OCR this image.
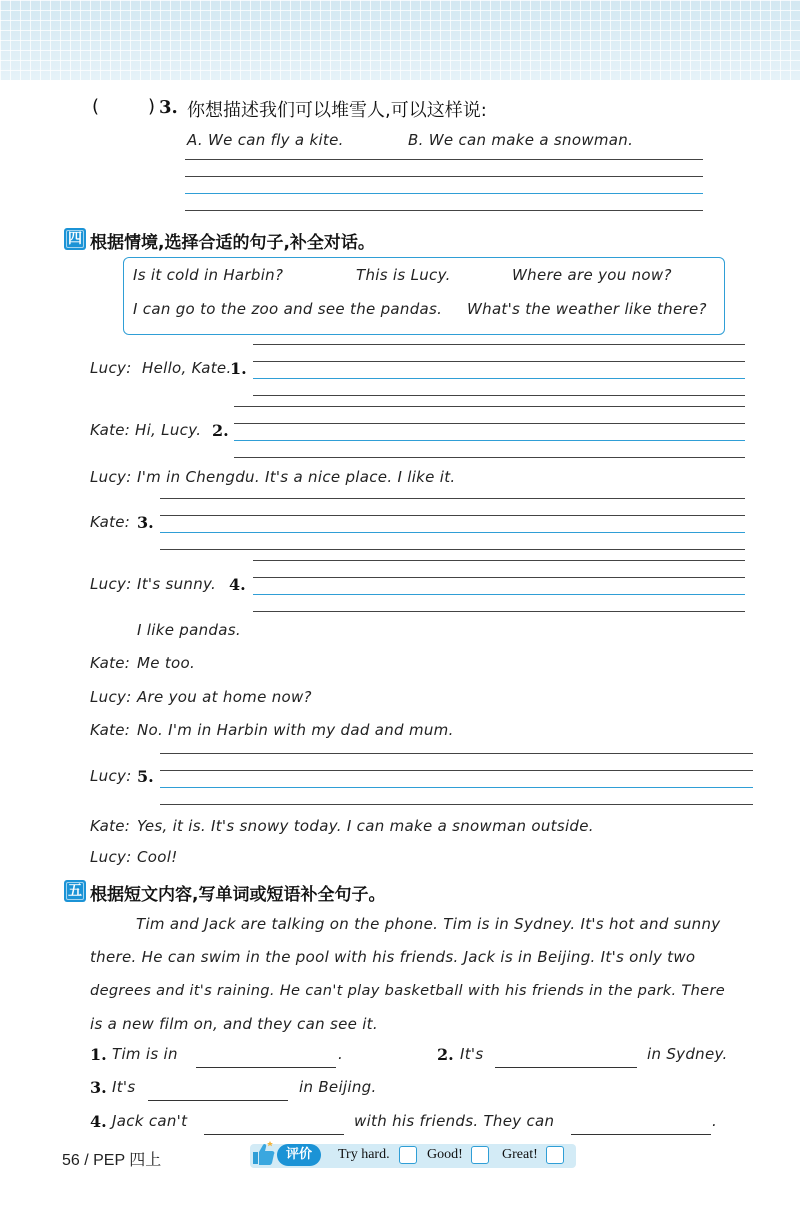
(	) 3. 你想描述我们可以堆雪人,可以这样说:
A. We can fly a kite.	B. We can make a snowman.
四 根据情境,选择合适的句子,补全对话。
Is it cold in Harbin?	This is Lucy.	Where are you now?
I can go to the zoo and see the pandas. What's the weather like there?
Lucy: Hello, Kate.
1.
Kate: Hi, Lucy. 2.
Lucy: I'm in Chengdu. It's a nice place. I like it.
Kate: 3.
Lucy: It's sunny. 4.
I like pandas.
Kate: Me too.
Lucy: Are you at home now?
Kate: No. I'm in Harbin with my dad and mum.
Lucy: 5.
Kate: Yes, it is. It's snowy today. I can make a snowman outside.
Lucy: Cool!
五 根据短文内容,写单词或短语补全句子。
Tim and Jack are talking on the phone. Tim is in Sydney. It's hot and sunny
there. He can swim in the pool with his friends. Jack is in Beijing. It's only two
degrees and it's raining. He can't play basketball with his friends in the park. There
is a new film on, and they can see it.
1. Tim is in	.	2. It's	in Sydney.
3. It's	in Beijing.
4. Jack can't	with his friends. They can	.
56 / PEP 四上	评价	Try hard.	Good!	Great!
